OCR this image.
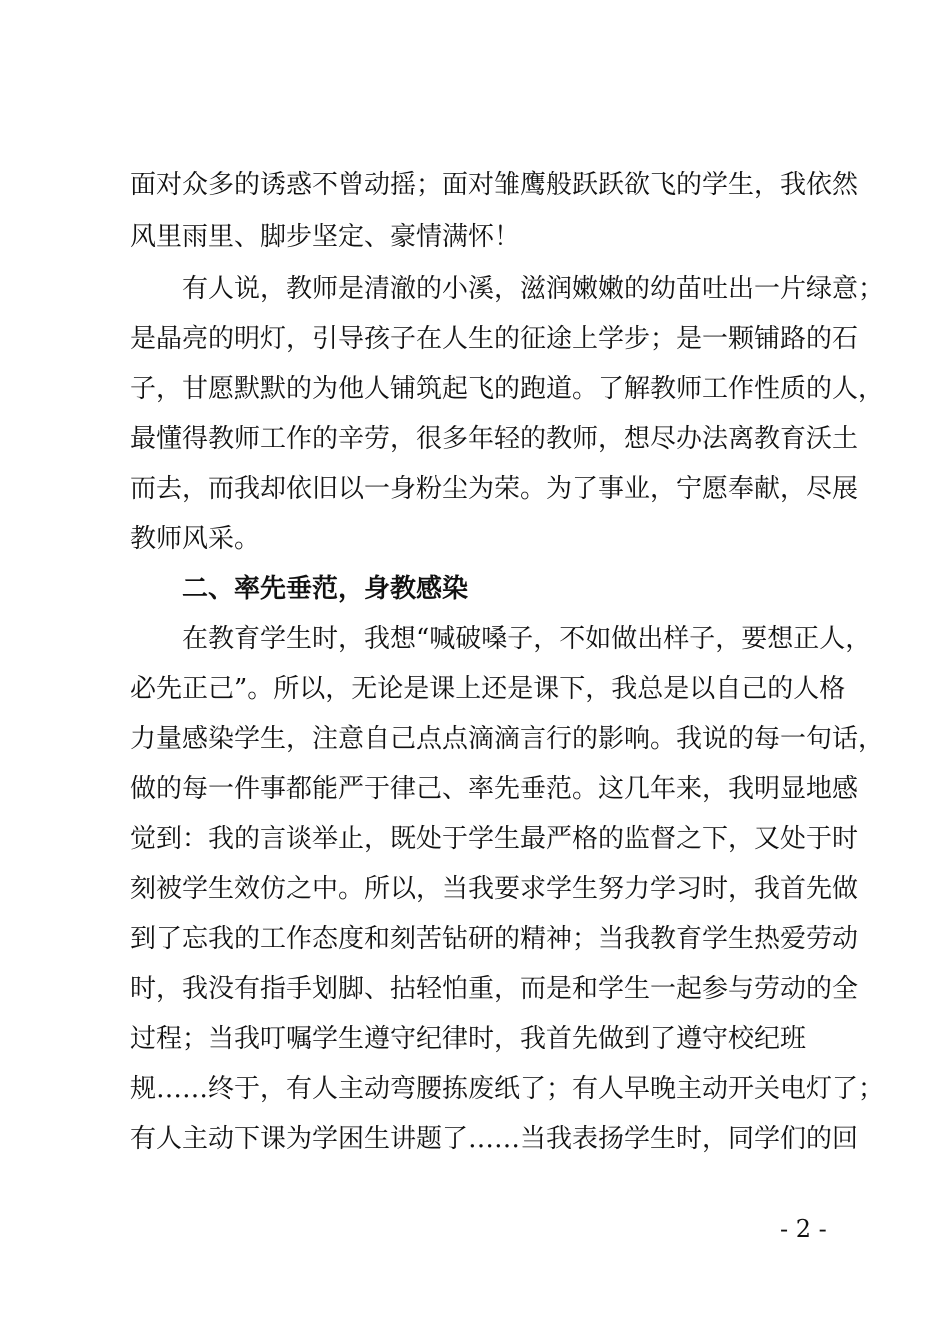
面对众多的诱惑不曾动摇；面对雏鹰般跃跃欲飞的学生，我依然
风里雨里、脚步坚定、豪情满怀！
有人说，教师是清澈的小溪，滋润嫩嫩的幼苗吐出一片绿意；
是晶亮的明灯，引导孩子在人生的征途上学步；是一颗铺路的石
子，甘愿默默的为他人铺筑起飞的跑道。了解教师工作性质的人，
最懂得教师工作的辛劳，很多年轻的教师，想尽办法离教育沃土
而去，而我却依旧以一身粉尘为荣。为了事业，宁愿奉献，尽展
教师风采。
二、率先垂范，身教感染
在教育学生时，我想“喊破嗓子，不如做出样子，要想正人，
必先正己”。所以，无论是课上还是课下，我总是以自己的人格
力量感染学生，注意自己点点滴滴言行的影响。我说的每一句话，
做的每一件事都能严于律己、率先垂范。这几年来，我明显地感
觉到：我的言谈举止，既处于学生最严格的监督之下，又处于时
刻被学生效仿之中。所以，当我要求学生努力学习时，我首先做
到了忘我的工作态度和刻苦钻研的精神；当我教育学生热爱劳动
时，我没有指手划脚、拈轻怕重，而是和学生一起参与劳动的全
过程；当我叮嘱学生遵守纪律时，我首先做到了遵守校纪班
规……终于，有人主动弯腰拣废纸了；有人早晚主动开关电灯了；
有人主动下课为学困生讲题了……当我表扬学生时，同学们的回
- 2 -
